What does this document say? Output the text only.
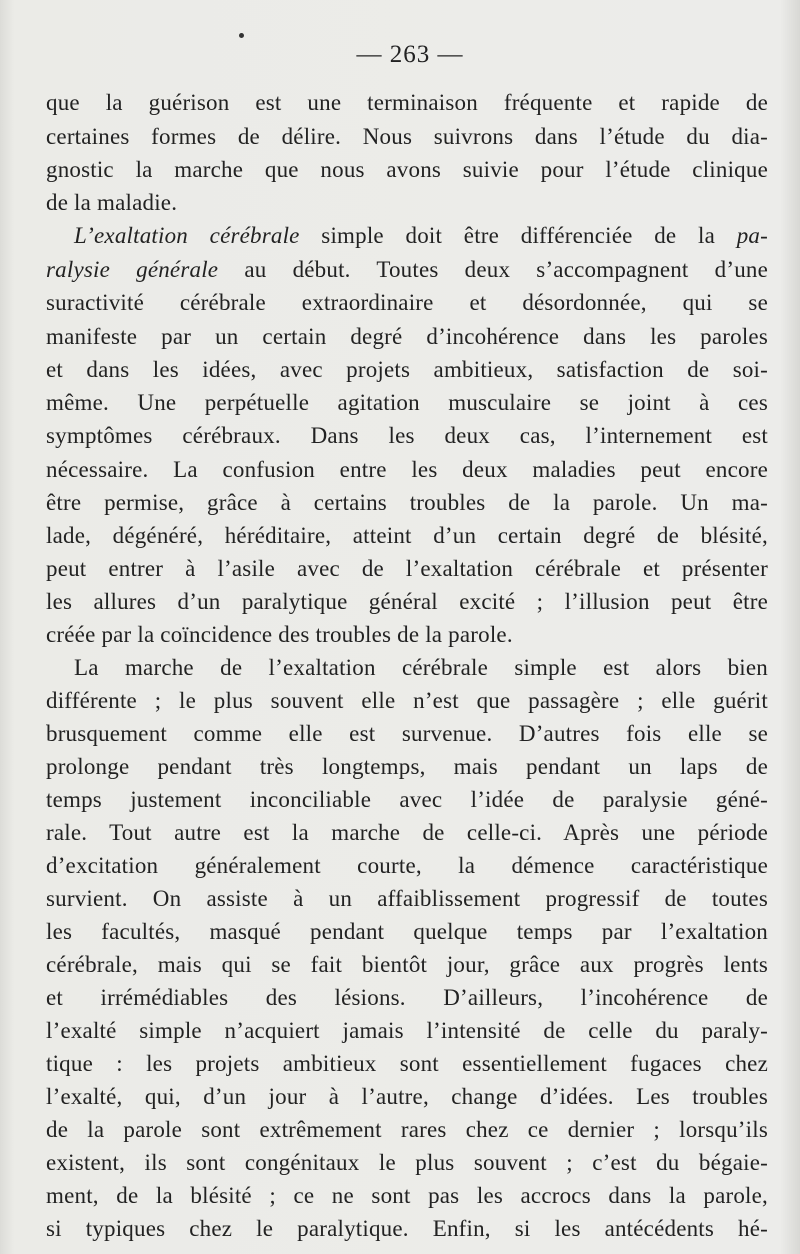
— 263 —
que la guérison est une terminaison fréquente et rapide de
certaines formes de délire. Nous suivrons dans l’étude du dia-
gnostic la marche que nous avons suivie pour l’étude clinique
de la maladie.
L’exaltation cérébrale simple doit être différenciée de la pa-
ralysie générale au début. Toutes deux s’accompagnent d’une
suractivité cérébrale extraordinaire et désordonnée, qui se
manifeste par un certain degré d’incohérence dans les paroles
et dans les idées, avec projets ambitieux, satisfaction de soi-
même. Une perpétuelle agitation musculaire se joint à ces
symptômes cérébraux. Dans les deux cas, l’internement est
nécessaire. La confusion entre les deux maladies peut encore
être permise, grâce à certains troubles de la parole. Un ma-
lade, dégénéré, héréditaire, atteint d’un certain degré de blésité,
peut entrer à l’asile avec de l’exaltation cérébrale et présenter
les allures d’un paralytique général excité ; l’illusion peut être
créée par la coïncidence des troubles de la parole.
La marche de l’exaltation cérébrale simple est alors bien
différente ; le plus souvent elle n’est que passagère ; elle guérit
brusquement comme elle est survenue. D’autres fois elle se
prolonge pendant très longtemps, mais pendant un laps de
temps justement inconciliable avec l’idée de paralysie géné-
rale. Tout autre est la marche de celle-ci. Après une période
d’excitation généralement courte, la démence caractéristique
survient. On assiste à un affaiblissement progressif de toutes
les facultés, masqué pendant quelque temps par l’exaltation
cérébrale, mais qui se fait bientôt jour, grâce aux progrès lents
et irrémédiables des lésions. D’ailleurs, l’incohérence de
l’exalté simple n’acquiert jamais l’intensité de celle du paraly-
tique : les projets ambitieux sont essentiellement fugaces chez
l’exalté, qui, d’un jour à l’autre, change d’idées. Les troubles
de la parole sont extrêmement rares chez ce dernier ; lorsqu’ils
existent, ils sont congénitaux le plus souvent ; c’est du bégaie-
ment, de la blésité ; ce ne sont pas les accrocs dans la parole,
si typiques chez le paralytique. Enfin, si les antécédents hé-
